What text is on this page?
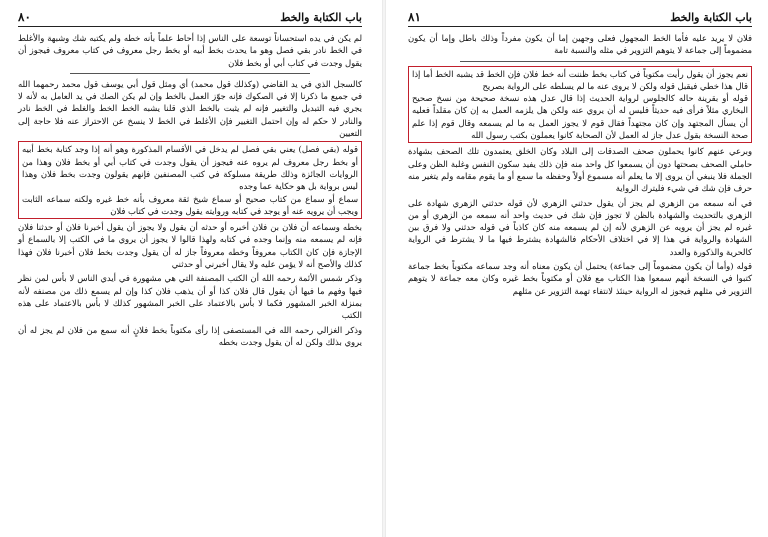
باب الكتابة والخط
٨٠

لم يكن في يده استحساناً توسعة على الناس إذا أحاط علماً بأنه خطه ولم يكتبه شك وشبهة والأغلط في الخط نادر بقي فصل وهو ما يحدث بخط أبيه أو بخط رجل معروف في كتاب معروف فيجوز أن يقول وجدت في كتاب أبي أو بخط فلان

كالسجل الذي في يد القاضي (وكذلك قول محمد) أي ومثل قول أبي يوسف قول محمد رحمهما الله في جميع ما ذكرنا إلا في الصكوك فإنه جوّز العمل بالخط وإن لم يكن الصك في يد العامل به لأنه لا يجري فيه التبديل والتغيير فإنه لم يثبت بالخط الذي قلنا يشبه الخط الخط والغلط في الخط نادر والنادر لا حكم له وإن احتمل التغيير فإن الأغلط في الخط لا ينسخ عن الاحتراز عنه فلا حاجة إلى التعيين

قوله (بقي فصل) يعني بقي فصل لم يدخل في الأقسام المذكورة وهو أنه إذا وجد كتابة بخط أبيه أو بخط رجل معروف لم يروه عنه فيجوز أن يقول وجدت في كتاب أبي أو بخط فلان وهذا من الروايات الجائزة وذلك طريقة مسلوكة في كتب المصنفين فإنهم يقولون وجدت بخط فلان وهذا ليس برواية بل هو حكاية عما وجده

سماع أو سماع من كتاب صحيح أو سماع شيخ ثقة معروف بأنه خط غيره ولكنه سماعه الثابت ويجب أن يرويه عنه أو يوجد في كتابه وروايته يقول وجدت في كتاب فلان

بخطه وسماعه أن فلان بن فلان أخبره أو حدثه أن يقول ولا يجوز أن يقول أخبرنا فلان أو حدثنا فلان فإنه لم يسمعه منه وإنما وجده في كتابه ولهذا قالوا لا يجوز أن يروي ما في الكتب إلا بالسماع أو الإجازة فإن كان الكتاب معروفاً وخطه معروفاً جاز له أن يقول وجدت بخط فلان أخبرنا فلان فهذا كذلك والأصح أنه لا يؤمن عليه ولا يقال أخبرني أو حدثني

وذكر شمس الأئمة رحمه الله أن الكتب المصنفة التي هي مشهورة في أيدي الناس لا بأس لمن نظر فيها وفهم ما فيها أن يقول قال فلان كذا أو أن يذهب فلان كذا وإن لم يسمع ذلك من مصنفه لأنه بمنزلة الخبر المشهور فكما لا بأس بالاعتماد على الخبر المشهور كذلك لا بأس بالاعتماد على هذه الكتب

وذكر الغزالي رحمه الله في المستصفى إذا رأى مكتوباً بخط فلانٍ أنه سمع من فلان لم يجز له أن يروي بذلك ولكن له أن يقول وجدت بخطه

باب الكتابة والخط
٨١

فلان لا يريد عليه فأما الخط المجهول فعلى وجهين إما أن يكون مفرداً وذلك باطل وإما أن يكون مضموماً إلى جماعة لا يتوهم التزوير في مثله والنسبة تامة

نعم يجوز أن يقول رأيت مكتوباً في كتاب بخط ظننت أنه خط فلان فإن الخط قد يشبه الخط أما إذا قال هذا خطي فيقبل قوله ولكن لا يروى عنه ما لم يسلطه على الرواية بصريح

قوله أو بقرينة حاله كالجلوس لرواية الحديث إذا قال عدل هذه نسخة صحيحة من نسخ صحيح البخاري مثلاً فرأى فيه حديثاً فليس له أن يروي عنه ولكن هل يلزمه العمل به إن كان مقلداً فعليه أن يسأل المجتهد وإن كان مجتهداً فقال قوم لا يجوز العمل به ما لم يسمعه وقال قوم إذا علم صحة النسخة بقول عدل جاز له العمل لأن الصحابة كانوا يعملون بكتب رسول الله

وبرعي عنهم كانوا يحملون صحف الصدقات إلى البلاد وكان الخلق يعتمدون تلك الصحف بشهادة حاملي الصحف بصحتها دون أن يسمعوا كل واحد منه فإن ذلك يفيد سكون النفس وغلبة الظن وعلى الجملة فلا ينبغي أن يروى إلا ما يعلم أنه مسموع أولاً وحفظه ما سمع أو ما يقوم مقامه ولم يتغير منه حرف فإن شك في شيء فليترك الرواية

في أنه سمعه من الزهري لم يجز أن يقول حدثني الزهري لأن قوله حدثني الزهري شهادة على الزهري بالتحديث والشهادة بالظن لا تجوز فإن شك في حديث واحد أنه سمعه من الزهري أو من غيره لم يجز أن يرويه عن الزهري لأنه إن لم يسمعه منه كان كاذباً في قوله حدثني ولا فرق بين الشهادة والرواية في هذا إلا في اختلاف الأحكام فالشهادة يشترط فيها ما لا يشترط في الرواية كالحرية والذكورة والعدد

قوله (وأما أن يكون مضموماً إلى جماعة) يحتمل أن يكون معناه أنه وجد سماعه مكتوباً بخط جماعة كتبوا في النسخة أنهم سمعوا هذا الكتاب مع فلان أو مكتوباً بخط غيره وكان معه جماعة لا يتوهم التزوير في مثلهم فيجوز له الرواية حينئذ لانتفاء تهمة التزوير عن مثلهم
